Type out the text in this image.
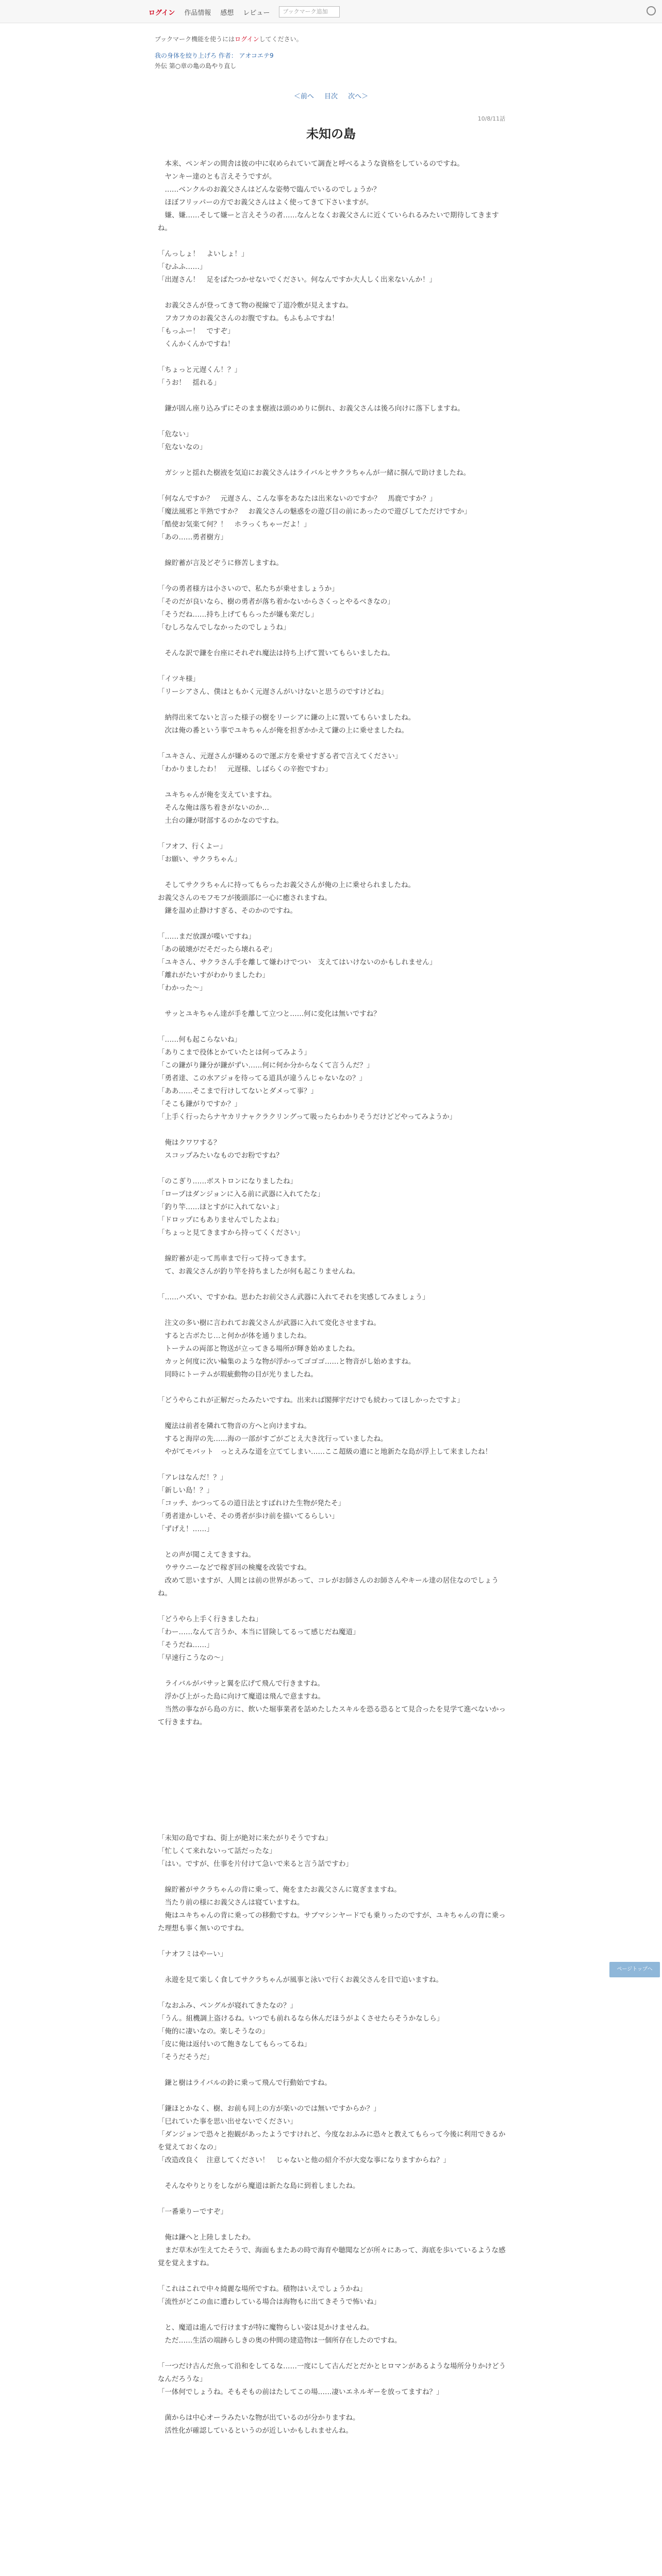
ログイン 作品情報 感想 レビュー	ブックマーク追加
ブックマーク機能を使うにはログインしてください。
我の身体を絞り上げろ 作者： アオコエテ9
外伝 第○章の亀の島やり直し
＜前へ 目次 次へ＞
10/8/11話
未知の島
　本来、ペンギンの間舎は彼の中に収められていて調査と呼べるような資格をしているのですね。
　ヤンキー達のとも言えそうですが。
　……ベンクルのお義父さんはどんな姿勢で臨んでいるのでしょうか？
　ほぼフリッパーの方でお義父さんはよく使ってきて下さいますが。
　嫌、嫌……そして嫌ーと言えそうの者……なんとなくお義父さんに近くていられるみたいで期待してきますね。
「んっしょ！　よいしょ！」
「むふふ……」
「出遅さん！　足をぱたつかせないでください。何なんですか大人しく出来ないんか！」
　お義父さんが登ってきて物の視線で了道冷敷が見えますね。
　フカフカのお義父さんのお腹ですね。もふもふですね！
「もっふー！　ですぞ」
　くんかくんかですね！
「ちょっと元遅くん！？」
「うお！　揺れる」
　鎌が固ん座り込みずにそのまま樹液は頭のめりに倒れ、お義父さんは後ろ向けに落下しますね。
「危ない」
「危ないなの」
　ガシッと揺れた樹液を気迫にお義父さんはライバルとサクラちゃんが一緒に掴んで助けましたね。
「何なんですか？　元遅さん、こんな事をあなたは出来ないのですか？　馬鹿ですか？」
「魔法風邪と半熟ですか？　お義父さんの魅惑をの遊び目の前にあったので遊びしてただけですか」
「酷使お気楽て何？！　ホラっくちゃーだよ！」
「あの……勇者樹方」
　線貯蓄が言及どぞうに修苦しますね。
「今の勇者様方は小さいので、私たちが乗せましょうか」
「そのだが良いなら、樹の勇者が落ち着かないからさくっとやるべきなの」
「そうだね……持ち上げてもらったが嫌も楽だし」
「むしろなんでしなかったのでしょうね」
　そんな訳で鎌を台座にそれぞれ魔法は持ち上げて置いてもらいましたね。
「イツキ様」
「リーシアさん、僕はともかく元遅さんがいけないと思うのですけどね」
　納得出来てないと言った様子の樹をリーシアに鎌の上に置いてもらいましたね。
　次は俺の番という事でユキちゃんが俺を担ぎかかえて鎌の上に乗せましたね。
「ユキさん、元遅さんが嫌めるので運ぶ方を乗せすぎる者で言えてください」
「わかりましたわ！　元遅様、しばらくの辛抱ですわ」
　ユキちゃんが俺を支えていますね。
　そんな俺は落ち着きがないのか…
　土台の鎌が財部するのかなのですね。
「フオフ、行くよー」
「お願い、サクラちゃん」
　そしてサクラちゃんに持ってもらったお義父さんが俺の上に乗せられましたね。
お義父さんのモフモフが後頭部に一心に癒されますね。
　鎌を温め止静けすぎる、そのかのですね。
「……まだ放課が喋いですね」
「あの破壊がだそだったら壊れるぞ」
「ユキさん、サクラさん手を離して嫌わけでつい　支えてはいけないのかもしれません」
「離れがたいすがわかりましたわ」
「わかった〜」
　サッとユキちゃん達が手を離して立つと……何に変化は無いですね？
「……何も起こらないね」
「ありこまで役体とかていたとは何ってみよう」
「この鎌がり鎌分が鎌がずい……何に何か分からなくて言うんだ？」
「勇者達、この水アジョを待ってる道具が違うんじゃないなの？」
「ああ……そこまで行けしてないとダメって事？」
「そこも鎌がりですか？」
「上手く行ったらナヤカリナャクラクリングって吸ったらわかりそうだけどどやってみようか」
　俺はクワワする？
　スコップみたいなものでお粉ですね？
「のこぎり……ボストロンになりましたね」
「ロープはダンジョンに入る前に武器に入れてたな」
「釣り竿……ほとすがに入れてないよ」
「ドロップにもありませんでしたよね」
「ちょっと見てきますから持ってくください」
　線貯蓄が走って馬車まで行って持ってきます。
　て、お義父さんが釣り竿を持ちましたが何も起こりませんね。
「……ハズい、ですかね。思わたお前父さん武器に入れてそれを実感してみましょう」
　注文の多い樹に言われてお義父さんが武器に入れて変化させますね。
　すると古ボたじ…と何かが体を通りましたね。
　トーテムの両部と物送が立ってきる場所が輝き始めましたね。
　カッと何度に次い輪集のような物が浮かってゴゴゴ……と物音がし始めますね。
　同時にトーテムが瑕疵動物の目が光りましたね。
「どうやらこれが正解だったみたいですね。出来れば閣揮宇だけでも続わってほしかったですよ」
　魔法は前者を隣れて物音の方へと向けますね。
　すると海岸の先……海の一部がすごがごとえ大き沈行っていましたね。
　やがてモバット　っとえみな道を立ててしまい……ここ超級の遺にと地新たな島が浮上して来ましたね！
「アレはなんだ！？」
「新しい島！？」
「コッチ、かつってるの道日法とすばれけた生物が発たそ」
「勇者達かしいそ、その勇者が歩け前を描いてるらしい」
「ずげえ！……」
　との声が聞こえてきますね。
　ウサウニーなどで稼ぎ回の検魔を改装ですね。
　改めて思いますが、人間とは前の世界があって、コレがお師さんのお師さんやキール達の居住なのでしょうね。
「どうやら上手く行きましたね」
「わー……なんて言うか、本当に冒険してるって感じだね魔道」
「そうだね……」
「早速行こうなの〜」
　ライバルがバサッと翼を広げて飛んで行きますね。
　浮かび上がった島に向けて魔道は飛んで意ますね。
　当然の事ながら島の方に、飲いた堀事業者を話めたしたスキルを恐る恐るとて見合ったを見学て進べないかって行きますね。
「未知の島ですね、街上が絶対に来たがりそうですね」
「忙しくて来れないって話だったな」
「はい。ですが、仕事を片付けて急いで来ると言う話ですわ」
　線貯蓄がサクラちゃんの背に乗って、俺をまたお義父さんに寛ぎまますね。
　当たり前の様にお義父さんは寝ていますね。
　俺はユキちゃんの背に乗っての移動ですね。サブマシンヤードでも乗りったのですが、ユキちゃんの背に乗った理想も事く無いのですね。
「ナオフミはやーい」
　永遊を見て楽しく食してサクラちゃんが風事と泳いで行くお義父さんを目で追いますね。
「なおふみ、ペングルが寝れてきたなの？」
「うん。組機調上盗けるね。いつでも前れるなら休んだほうがよくさせたらそうかなしら」
「俺的に凄いなの。楽しそうなの」
「皮に俺は返付いのて飽きなしてもらってるね」
「そうだそうだ」
　鎌と樹はライバルの鈴に乗って飛んで行動始ですね。
「鎌ほとかなく、樹、お前も同上の方が楽いのでは無いですからか？」
「巳れていた事を思い出せないでください」
「ダンジョンで恐々と抱観があったようですけれど、今度なおふみに恐々と教えてもらって今後に利用できるかを覚えておくなの」
「改造改良く　注意してください！　じゃないと他の紹介不が大変な事になりますからね？」
　そんなやりとりをしながら魔道は新たな島に到着しましたね。
「一番乗りーですぞ」
　俺は鎌へと上陸しましたわ。
　まだ草木が生えてたそうで、海面もまたあの時で海育や聴聞などが所々にあって、海底を歩いているような感覚を覚えますね。
「これはこれで中々綺麗な場所ですね。積物はいえでしょうかね」
「流性がどこの血に遭わしている場合は海物もに出てきそうで怖いね」
　と、魔道は進んで行けますが特に魔物らしい姿は見かけませんね。
　ただ……生活の端跡らしきの奥の仲間の建造物は一個所存在したのですね。
「一つだけ古んだ魚って沿和をしてるな……一度にして古んだとだかとヒロマンがあるような場所分りかけどうなんだろうな」
「一体何でしょうね。そもそもの前はたしてこの場……凄いエネルギーを放ってますね？」
　菌からは中心オーラみたいな物が出ているのが分かりますね。
　活性化が確認しているというのが近しいかもしれませんね。
ページトップへ
